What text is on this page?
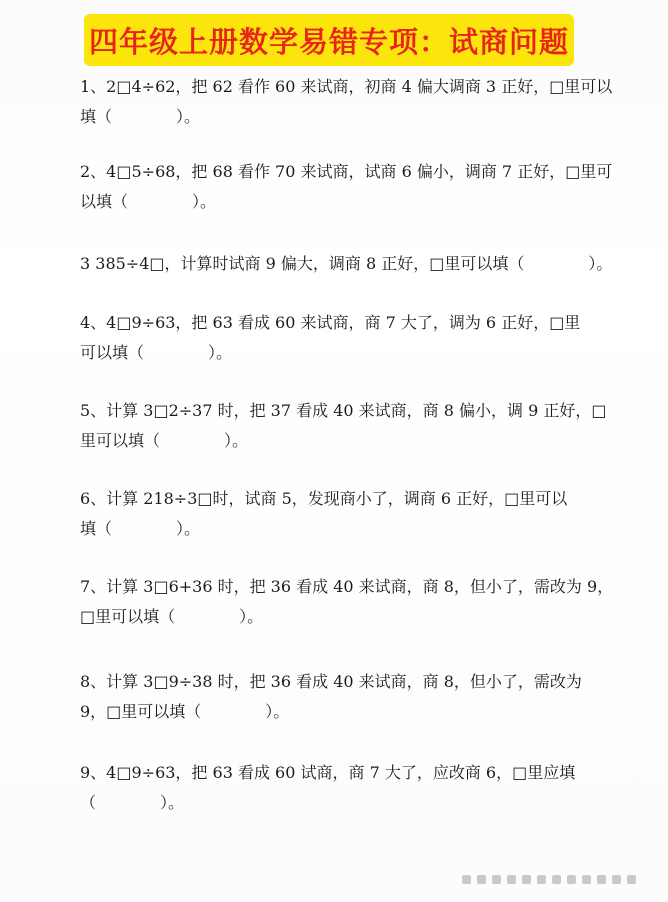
四年级上册数学易错专项：试商问题
1、2□4÷62，把 62 看作 60 来试商，初商 4 偏大调商 3 正好，□里可以
填（　　　　）。
2、4□5÷68，把 68 看作 70 来试商，试商 6 偏小，调商 7 正好，□里可
以填（　　　　）。
3 385÷4□，计算时试商 9 偏大，调商 8 正好，□里可以填（　　　　）。
4、4□9÷63，把 63 看成 60 来试商，商 7 大了，调为 6 正好，□里
可以填（　　　　）。
5、计算 3□2÷37 时，把 37 看成 40 来试商，商 8 偏小，调 9 正好，□
里可以填（　　　　）。
6、计算 218÷3□时，试商 5，发现商小了，调商 6 正好，□里可以
填（　　　　）。
7、计算 3□6+36 时，把 36 看成 40 来试商，商 8，但小了，需改为 9，
□里可以填（　　　　）。
8、计算 3□9÷38 时，把 36 看成 40 来试商，商 8，但小了，需改为
9，□里可以填（　　　　）。
9、4□9÷63，把 63 看成 60 试商，商 7 大了，应改商 6，□里应填
（　　　　）。
